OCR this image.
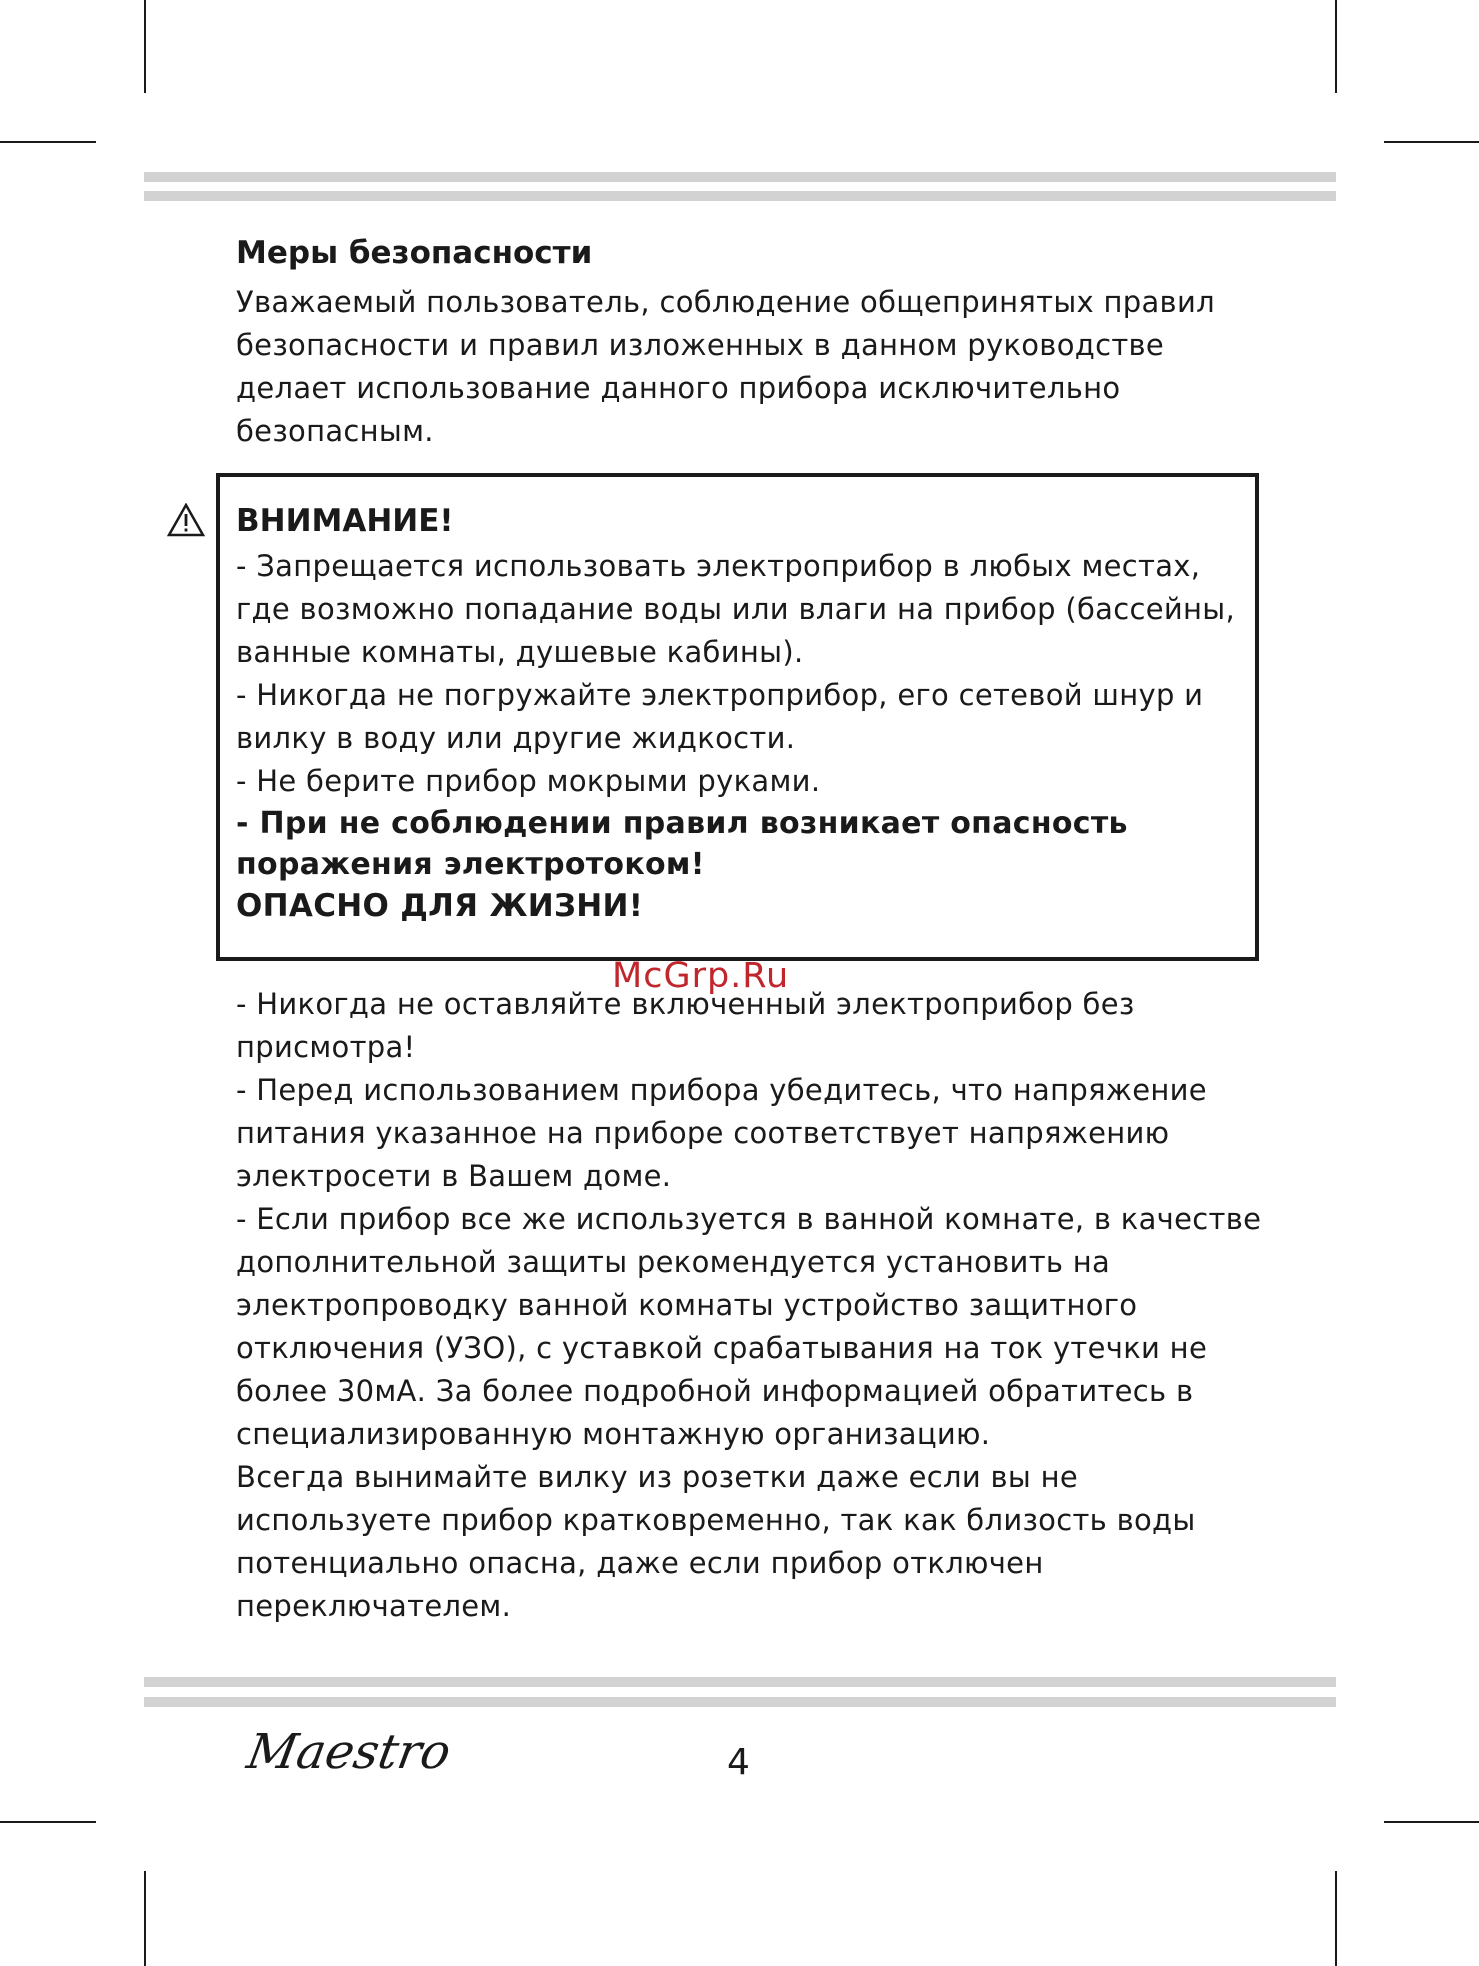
Меры безопасности

Уважаемый пользователь, соблюдение общепринятых правил

безопасности и правил изложенных в данном руководстве

делает использование данного прибора исключительно

безопасным.

ВНИМАНИЕ!

- Запрещается использовать электроприбор в любых местах,

где возможно попадание воды или влаги на прибор (бассейны,

ванные комнаты, душевые кабины).

- Никогда не погружайте электроприбор, его сетевой шнур и

вилку в воду или другие жидкости.

- Не берите прибор мокрыми руками.

- При не соблюдении правил возникает опасность

поражения электротоком!

ОПАСНО ДЛЯ ЖИЗНИ!

McGrp.Ru

- Никогда не оставляйте включенный электроприбор без

присмотра!

- Перед использованием прибора убедитесь, что напряжение

питания указанное на приборе соответствует напряжению

электросети в Вашем доме.

- Если прибор все же используется в ванной комнате, в качестве

дополнительной защиты рекомендуется установить на

электропроводку ванной комнаты устройство защитного

отключения (УЗО), с уставкой срабатывания на ток утечки не

более 30мА. За более подробной информацией обратитесь в

специализированную монтажную организацию.

Всегда вынимайте вилку из розетки даже если вы не

используете прибор кратковременно, так как близость воды

потенциально опасна, даже если прибор отключен

переключателем.

Maestro	4
